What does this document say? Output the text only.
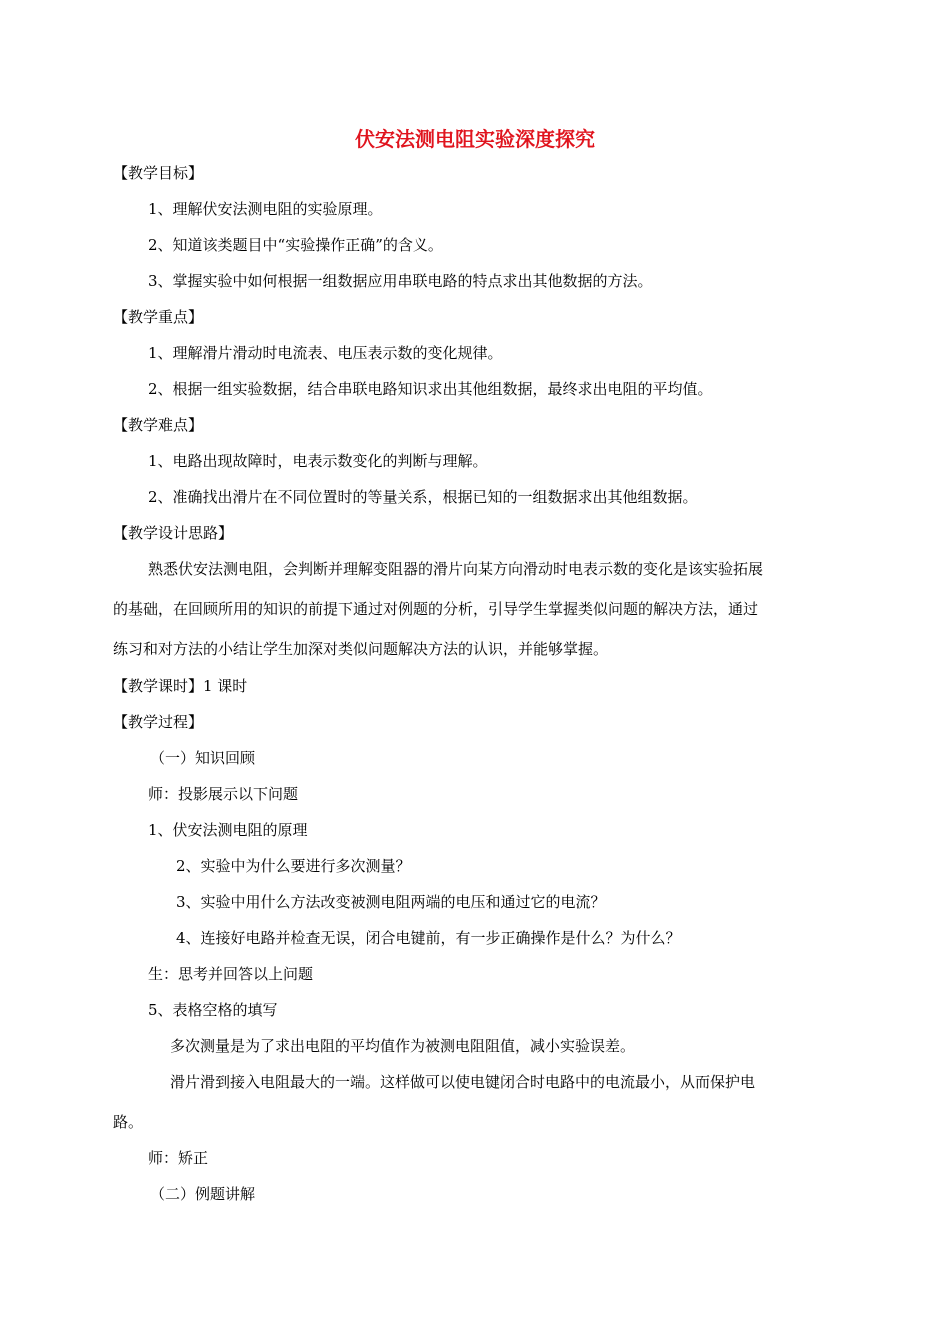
伏安法测电阻实验深度探究
【教学目标】
1、理解伏安法测电阻的实验原理。
2、知道该类题目中“实验操作正确”的含义。
3、掌握实验中如何根据一组数据应用串联电路的特点求出其他数据的方法。
【教学重点】
1、理解滑片滑动时电流表、电压表示数的变化规律。
2、根据一组实验数据，结合串联电路知识求出其他组数据，最终求出电阻的平均值。
【教学难点】
1、电路出现故障时，电表示数变化的判断与理解。
2、准确找出滑片在不同位置时的等量关系，根据已知的一组数据求出其他组数据。
【教学设计思路】
熟悉伏安法测电阻，会判断并理解变阻器的滑片向某方向滑动时电表示数的变化是该实验拓展
的基础，在回顾所用的知识的前提下通过对例题的分析，引导学生掌握类似问题的解决方法，通过
练习和对方法的小结让学生加深对类似问题解决方法的认识，并能够掌握。
【教学课时】1 课时
【教学过程】
（一）知识回顾
师：投影展示以下问题
1、伏安法测电阻的原理
2、实验中为什么要进行多次测量？
3、实验中用什么方法改变被测电阻两端的电压和通过它的电流？
4、连接好电路并检查无误，闭合电键前，有一步正确操作是什么？为什么？
生：思考并回答以上问题
5、表格空格的填写
多次测量是为了求出电阻的平均值作为被测电阻阻值，减小实验误差。
滑片滑到接入电阻最大的一端。这样做可以使电键闭合时电路中的电流最小，从而保护电
路。
师：矫正
（二）例题讲解
